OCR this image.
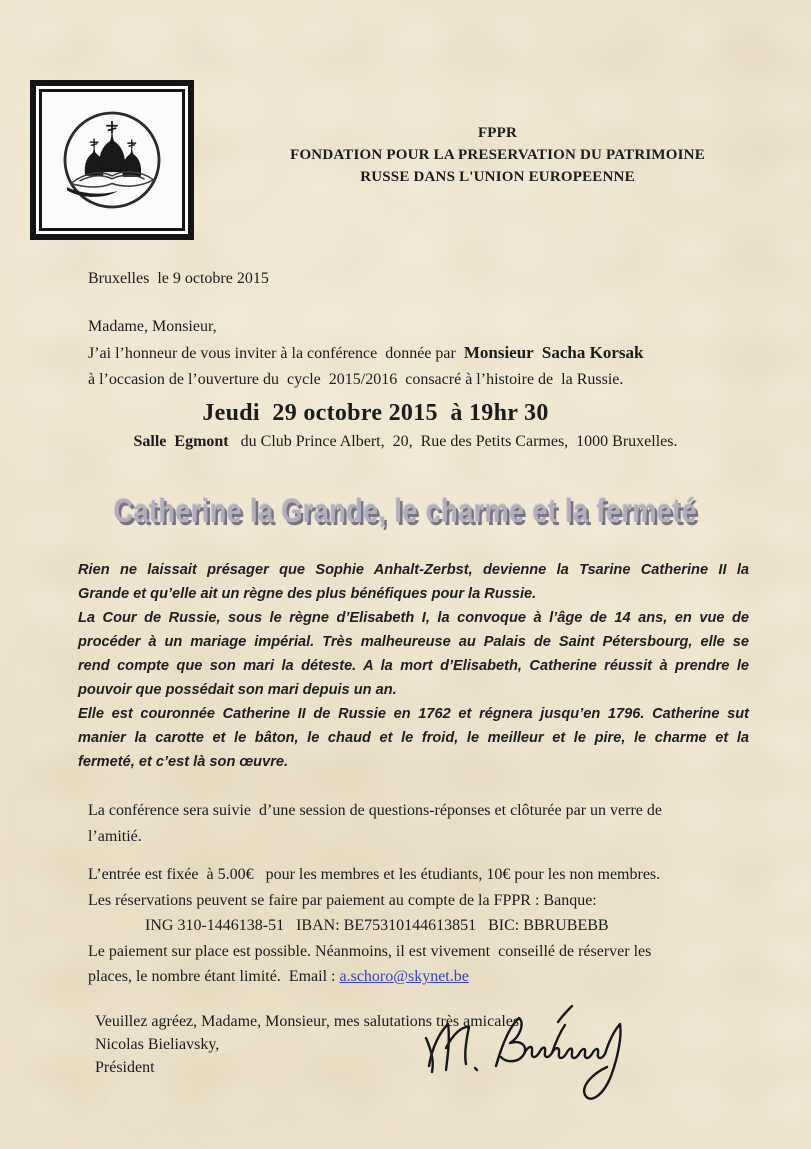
FPPR
FONDATION POUR LA PRESERVATION DU PATRIMOINE
RUSSE DANS L'UNION EUROPEENNE
Bruxelles  le 9 octobre 2015
Madame, Monsieur,
J’ai l’honneur de vous inviter à la conférence  donnée par  Monsieur  Sacha Korsak
à l’occasion de l’ouverture du  cycle  2015/2016  consacré à l’histoire de  la Russie.
Jeudi  29 octobre 2015  à 19hr 30
Salle  Egmont   du Club Prince Albert,  20,  Rue des Petits Carmes,  1000 Bruxelles.
Catherine la Grande, le charme et la fermeté
Rien ne laissait présager que Sophie Anhalt-Zerbst, devienne la Tsarine Catherine II la
Grande et qu’elle ait un règne des plus bénéfiques pour la Russie.
La Cour de Russie, sous le règne d’Elisabeth I, la convoque à l’âge de 14 ans, en vue de
procéder à un mariage impérial. Très malheureuse au Palais de Saint Pétersbourg, elle se
rend compte que son mari la déteste. A la mort d’Elisabeth, Catherine réussit à prendre le
pouvoir que possédait son mari depuis un an.
Elle est couronnée Catherine II de Russie en 1762 et régnera jusqu’en 1796. Catherine sut
manier la carotte et le bâton, le chaud et le froid, le meilleur et le pire, le charme et la
fermeté, et c’est là son œuvre.
La conférence sera suivie  d’une session de questions-réponses et clôturée par un verre de
l’amitié.
L’entrée est fixée  à 5.00€   pour les membres et les étudiants, 10€ pour les non membres.
Les réservations peuvent se faire par paiement au compte de la FPPR : Banque:
ING 310-1446138-51   IBAN: BE75310144613851   BIC: BBRUBEBB
Le paiement sur place est possible. Néanmoins, il est vivement  conseillé de réserver les
places, le nombre étant limité.  Email : a.schoro@skynet.be
Veuillez agréez, Madame, Monsieur, mes salutations très amicales.
Nicolas Bieliavsky,
Président
